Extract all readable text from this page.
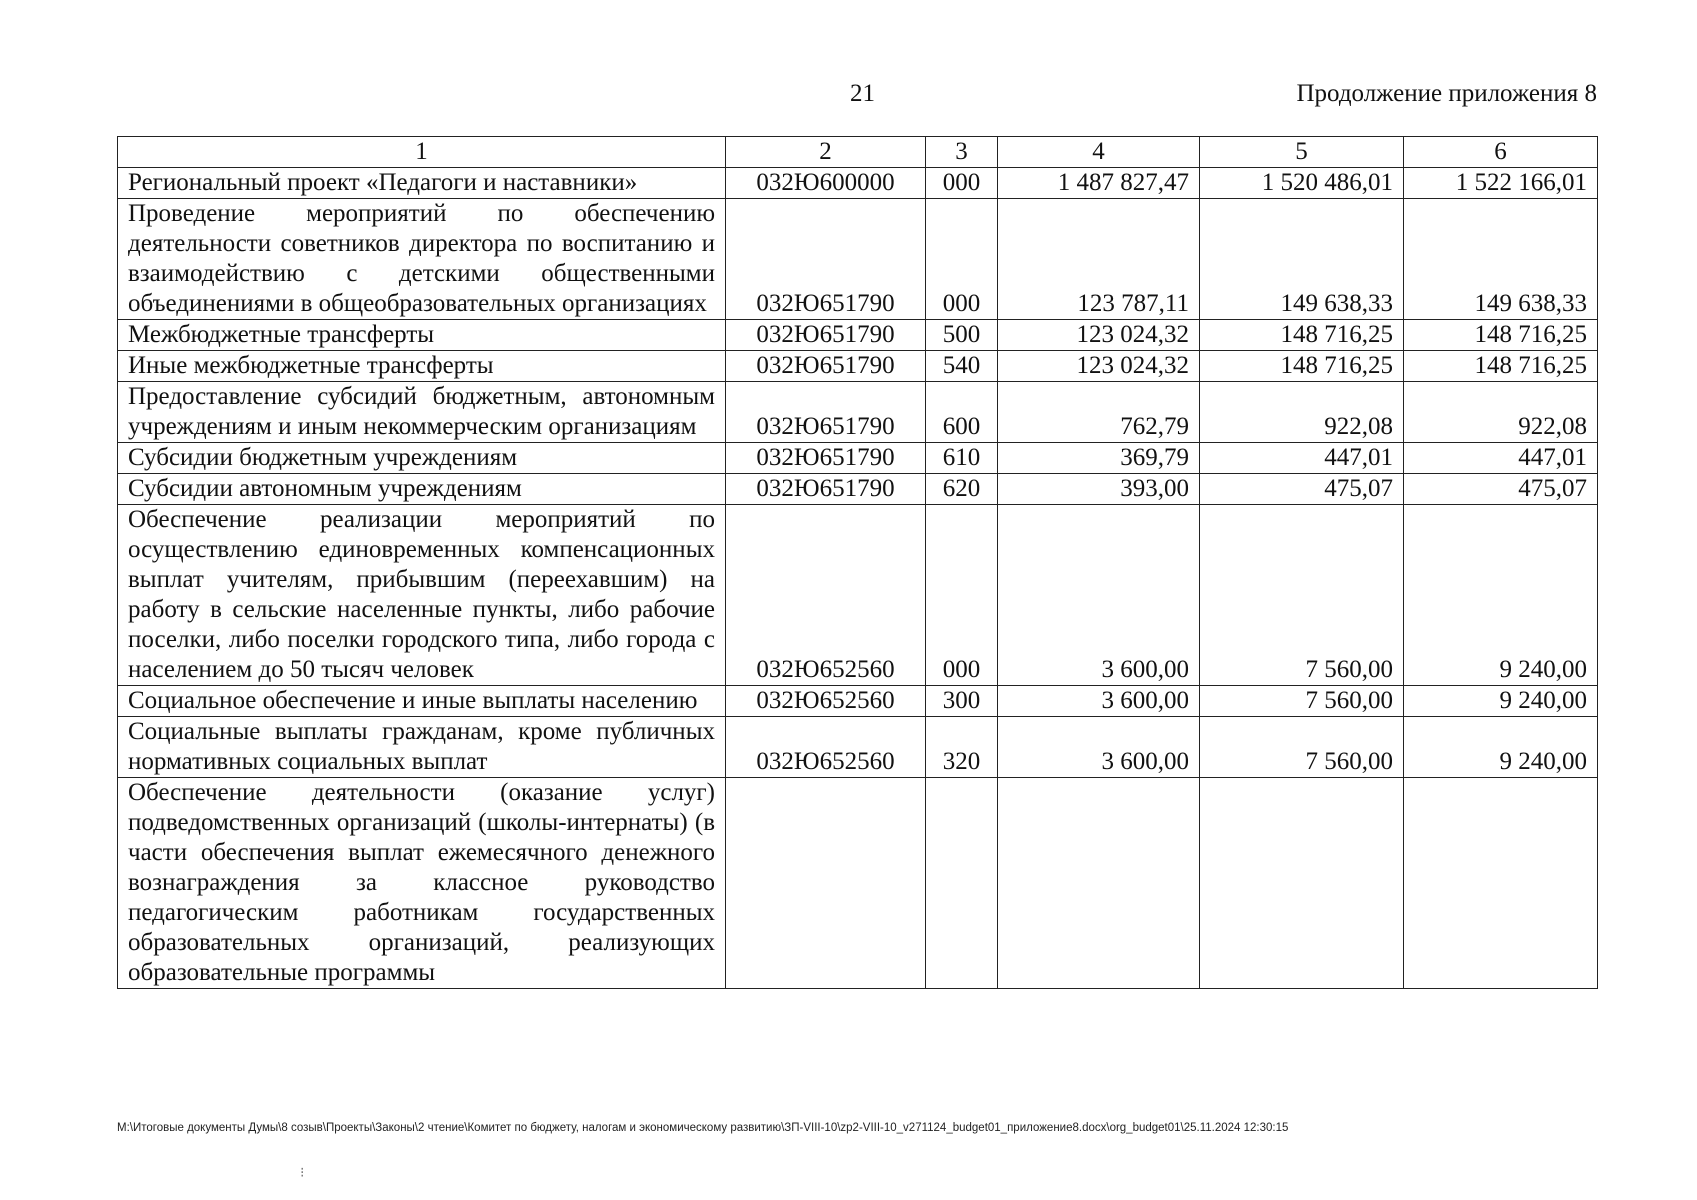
21	Продолжение приложения 8
1	2	3	4	5	6
Региональный проект «Педагоги и наставники»	032Ю600000	000	1 487 827,47	1 520 486,01	1 522 166,01
Проведение мероприятий по обеспечению деятельности советников директора по воспитанию и взаимодействию с детскими общественными объединениями в общеобразовательных организациях	032Ю651790	000	123 787,11	149 638,33	149 638,33
Межбюджетные трансферты	032Ю651790	500	123 024,32	148 716,25	148 716,25
Иные межбюджетные трансферты	032Ю651790	540	123 024,32	148 716,25	148 716,25
Предоставление субсидий бюджетным, автономным учреждениям и иным некоммерческим организациям	032Ю651790	600	762,79	922,08	922,08
Субсидии бюджетным учреждениям	032Ю651790	610	369,79	447,01	447,01
Субсидии автономным учреждениям	032Ю651790	620	393,00	475,07	475,07
Обеспечение реализации мероприятий по осуществлению единовременных компенсационных выплат учителям, прибывшим (переехавшим) на работу в сельские населенные пункты, либо рабочие поселки, либо поселки городского типа, либо города с населением до 50 тысяч человек	032Ю652560	000	3 600,00	7 560,00	9 240,00
Социальное обеспечение и иные выплаты населению	032Ю652560	300	3 600,00	7 560,00	9 240,00
Социальные выплаты гражданам, кроме публичных нормативных социальных выплат	032Ю652560	320	3 600,00	7 560,00	9 240,00
Обеспечение деятельности (оказание услуг) подведомственных организаций (школы-интернаты) (в части обеспечения выплат ежемесячного денежного вознаграждения за классное руководство педагогическим работникам государственных образовательных организаций, реализующих образовательные программы					
M:\Итоговые документы Думы\8 созыв\Проекты\Законы\2 чтение\Комитет по бюджету, налогам и экономическому развитию\ЗП-VIII-10\zp2-VIII-10_v271124_budget01_приложение8.docx\org_budget01\25.11.2024 12:30:15
⁝
